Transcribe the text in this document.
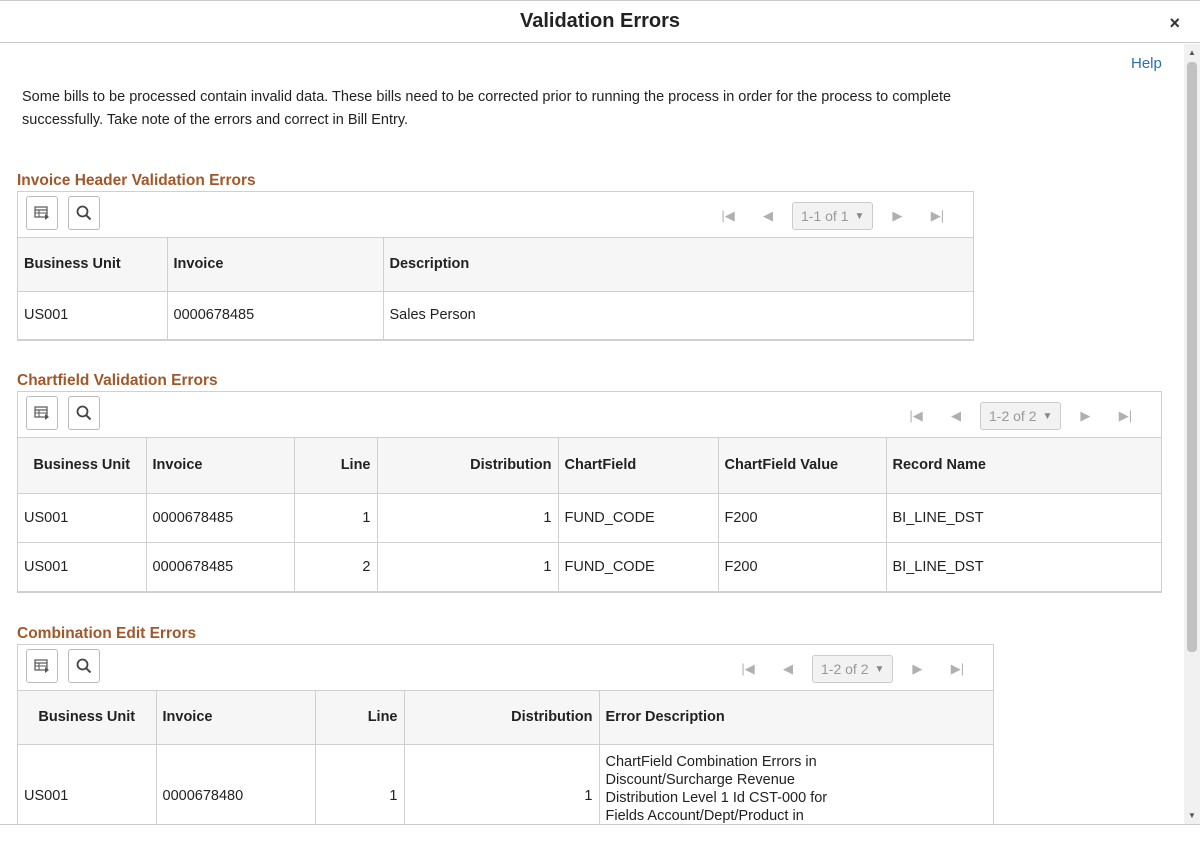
Validation Errors	×
Help
Some bills to be processed contain invalid data. These bills need to be corrected prior to running the process in order for the process to complete successfully. Take note of the errors and correct in Bill Entry.
Invoice Header Validation Errors
|◀	◀	1-1 of 1 ▼	▶	▶|
Business Unit	Invoice	Description
US001	0000678485	Sales Person
Chartfield Validation Errors
|◀	◀	1-2 of 2 ▼	▶	▶|
Business Unit	Invoice	Line	Distribution	ChartField	ChartField Value	Record Name
US001	0000678485	1	1	FUND_CODE	F200	BI_LINE_DST
US001	0000678485	2	1	FUND_CODE	F200	BI_LINE_DST
Combination Edit Errors
|◀	◀	1-2 of 2 ▼	▶	▶|
Business Unit	Invoice	Line	Distribution	Error Description
US001	0000678480	1	1	ChartField Combination Errors in Discount/Surcharge Revenue Distribution Level 1 Id CST-000 for Fields Account/Dept/Product in
▲
▼
